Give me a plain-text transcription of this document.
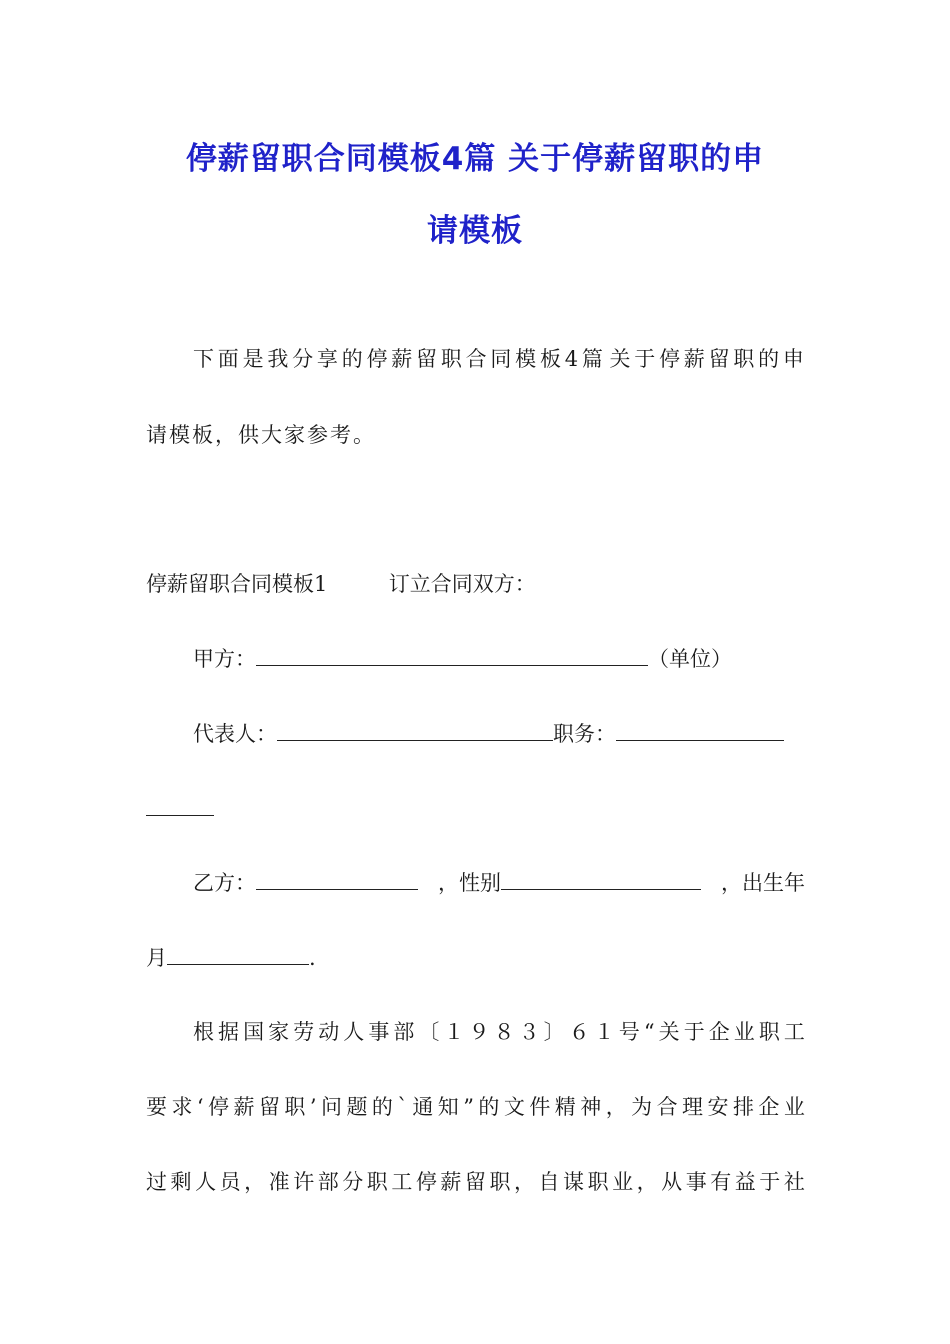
停薪留职合同模板4篇 关于停薪留职的申
请模板
下 面 是 我 分 享 的 停 薪 留 职 合 同 模 板 4 篇 关 于 停 薪 留 职 的 申
请模板，供大家参考。
停薪留职合同模板1	订立合同双方：
甲方：	（单位）
代表人：	职务：
乙方：	，性别	，出生年
月	.
根 据 国 家 劳 动 人 事 部 〔 １ ９ ８ ３ 〕 ６ １ 号 “ 关 于 企 业 职 工
要 求 ‘ 停 薪 留 职 ’ 问 题 的 ` 通 知 ” 的 文 件 精 神 ， 为 合 理 安 排 企 业
过 剩 人 员 ， 准 许 部 分 职 工 停 薪 留 职 ， 自 谋 职 业 ， 从 事 有 益 于 社
